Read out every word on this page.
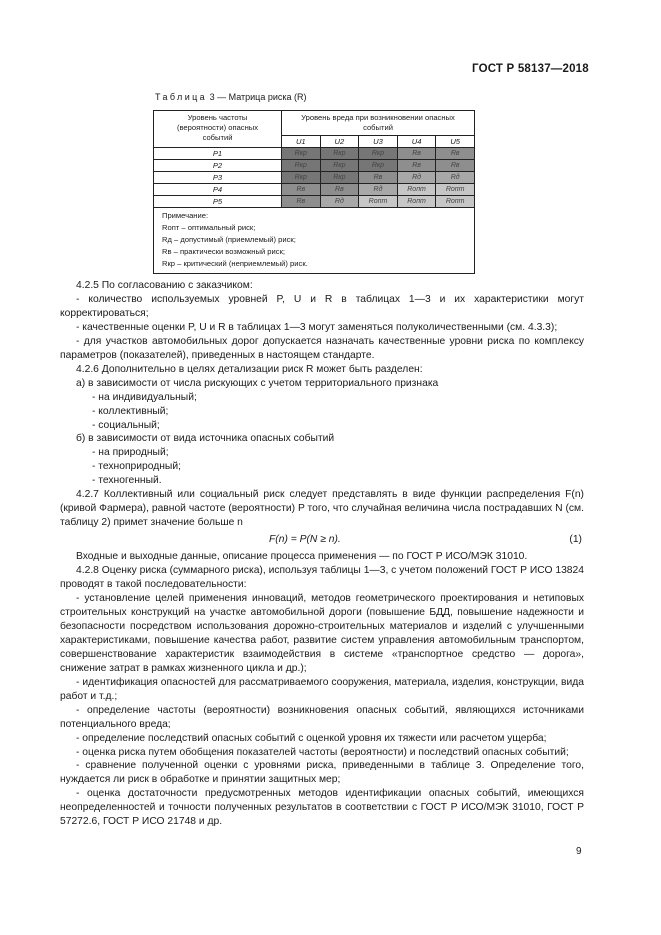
ГОСТ Р 58137—2018
Таблица 3 — Матрица риска (R)
Уровень частоты (вероятности) опасных событий	Уровень вреда при возникновении опасных событий				
	U1	U2	U3	U4	U5
P1	Rкр	Rкр	Rкр	Rв	Rв
P2	Rкр	Rкр	Rкр	Rв	Rв
P3	Rкр	Rкр	Rв	Rд	Rд
P4	Rв	Rв	Rд	Rопт	Rопт
P5	Rв	Rд	Rопт	Rопт	Rопт

Примечание:
Rопт – оптимальный риск;
Rд – допустимый (приемлемый) риск;
Rв – практически возможный риск;
Rкр – критический (неприемлемый) риск.					

4.2.5 По согласованию с заказчиком:

- количество используемых уровней P, U и R в таблицах 1—3 и их характеристики могут корректироваться;

- качественные оценки P, U и R в таблицах 1—3 могут заменяться полуколичественными (см. 4.3.3);

- для участков автомобильных дорог допускается назначать качественные уровни риска по комплексу параметров (показателей), приведенных в настоящем стандарте.

4.2.6 Дополнительно в целях детализации риск R может быть разделен:

а) в зависимости от числа рискующих с учетом территориального признака

- на индивидуальный;

- коллективный;

- социальный;

б) в зависимости от вида источника опасных событий

- на природный;

- техноприродный;

- техногенный.

4.2.7 Коллективный или социальный риск следует представлять в виде функции распределения F(n) (кривой Фармера), равной частоте (вероятности) P того, что случайная величина числа пострадавших N (см. таблицу 2) примет значение больше n

F(n) = P(N ≥ n).	(1)

Входные и выходные данные, описание процесса применения — по ГОСТ Р ИСО/МЭК 31010.

4.2.8 Оценку риска (суммарного риска), используя таблицы 1—3, с учетом положений ГОСТ Р ИСО 13824 проводят в такой последовательности:

- установление целей применения инноваций, методов геометрического проектирования и нетиповых строительных конструкций на участке автомобильной дороги (повышение БДД, повышение надежности и безопасности посредством использования дорожно-строительных материалов и изделий с улучшенными характеристиками, повышение качества работ, развитие систем управления автомобильным транспортом, совершенствование характеристик взаимодействия в системе «транспортное средство — дорога», снижение затрат в рамках жизненного цикла и др.);

- идентификация опасностей для рассматриваемого сооружения, материала, изделия, конструкции, вида работ и т.д.;

- определение частоты (вероятности) возникновения опасных событий, являющихся источниками потенциального вреда;

- определение последствий опасных событий с оценкой уровня их тяжести или расчетом ущерба;

- оценка риска путем обобщения показателей частоты (вероятности) и последствий опасных событий;

- сравнение полученной оценки с уровнями риска, приведенными в таблице 3. Определение того, нуждается ли риск в обработке и принятии защитных мер;

- оценка достаточности предусмотренных методов идентификации опасных событий, имеющихся неопределенностей и точности полученных результатов в соответствии с ГОСТ Р ИСО/МЭК 31010, ГОСТ Р 57272.6, ГОСТ Р ИСО 21748 и др.

9
